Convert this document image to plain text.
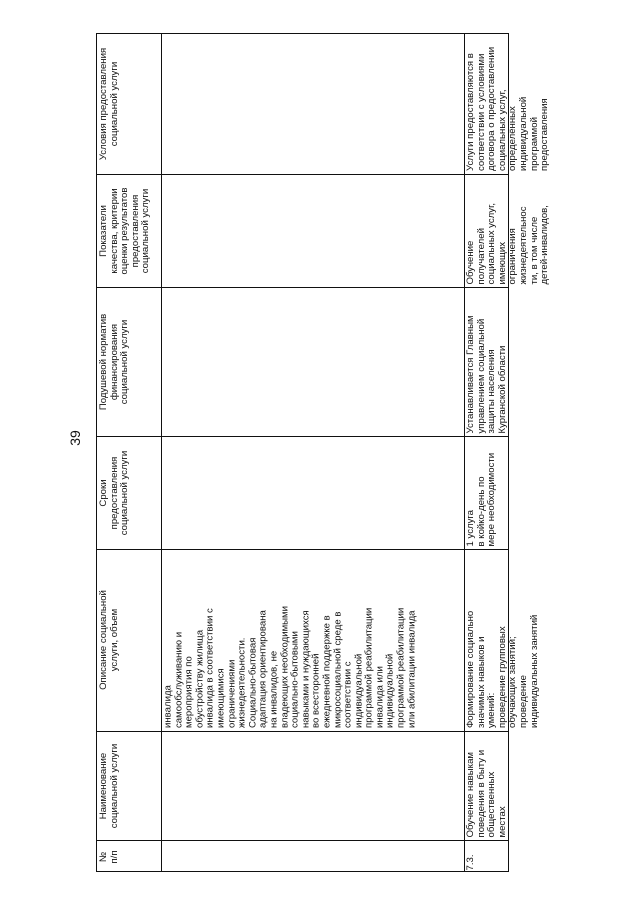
39
№
п/п
Наименование
социальной услуги
Описание социальной
услуги, объем
Сроки
предоставления
социальной услуги
Подушевой норматив
финансирования
социальной услуги
Показатели
качества, критерии
оценки результатов
предоставления
социальной услуги
Условия предоставления
социальной услуги
инвалида
самообслуживанию и
мероприятия по
обустройству жилища
инвалида в соответствии с
имеющимися
ограничениями
жизнедеятельности.
Социально-бытовая
адаптация ориентирована
на инвалидов, не
владеющих необходимыми
социально-бытовыми
навыками и нуждающихся
во всесторонней
ежедневной поддержке в
микросоциальной среде в
соответствии с
индивидуальной
программой реабилитации
инвалида или
индивидуальной
программой реабилитации
или абилитации инвалида
7.3.
Обучение навыкам
поведения в быту и
общественных
местах
Формирование социально
значимых навыков и
умений:
проведение групповых
обучающих занятий;
проведение
индивидуальных занятий
1 услуга
в койко-день по
мере необходимости
Устанавливается Главным
управлением социальной
защиты населения
Курганской области
Обучение
получателей
социальных услуг,
имеющих
ограничения
жизнедеятельнос
ти, в том числе
детей-инвалидов,
Услуги предоставляются в
соответствии с условиями
договора о предоставлении
социальных услуг,
определённых
индивидуальной
программой
предоставления
